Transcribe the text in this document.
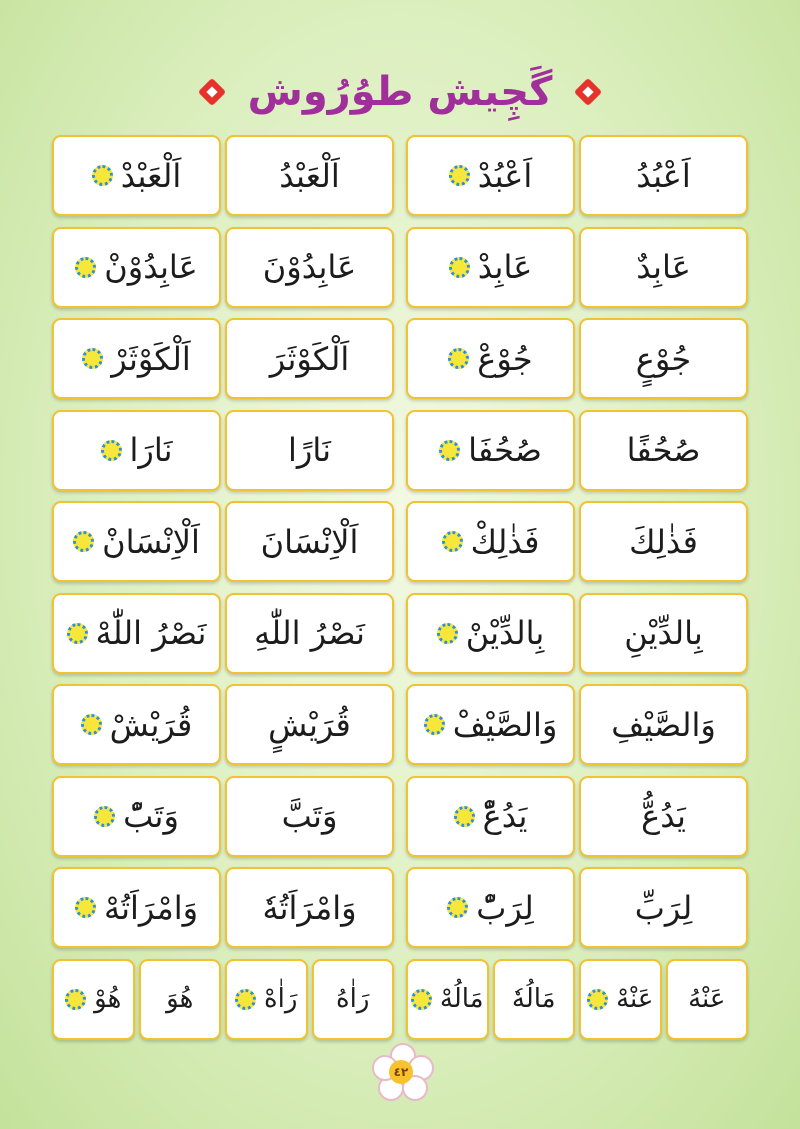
گَچِیش طوُرُوش
اَعْبُدُ
اَعْبُدْ
اَلْعَبْدُ
اَلْعَبْدْ
عَابِدٌ
عَابِدْ
عَابِدُوْنَ
عَابِدُوْنْ
جُوْعٍ
جُوْعْ
اَلْكَوْثَرَ
اَلْكَوْثَرْ
صُحُفًا
صُحُفَا
نَارًا
نَارَا
فَذٰلِكَ
فَذٰلِكْ
اَلْاِنْسَانَ
اَلْاِنْسَانْ
بِالدِّيْنِ
بِالدِّيْنْ
نَصْرُ اللّٰهِ
نَصْرُ اللّٰهْ
وَالصَّيْفِ
وَالصَّيْفْ
قُرَيْشٍ
قُرَيْشْ
يَدُعُّ
يَدُعّْ
وَتَبَّ
وَتَبّْ
لِرَبِّ
لِرَبّْ
وَامْرَاَتُهٗ
وَامْرَاَتُهْ
عَنْهُ
عَنْهْ
مَالُهٗ
مَالُهْ
رَاٰهُ
رَاٰهْ
هُوَ
هُوْ
٤٢
